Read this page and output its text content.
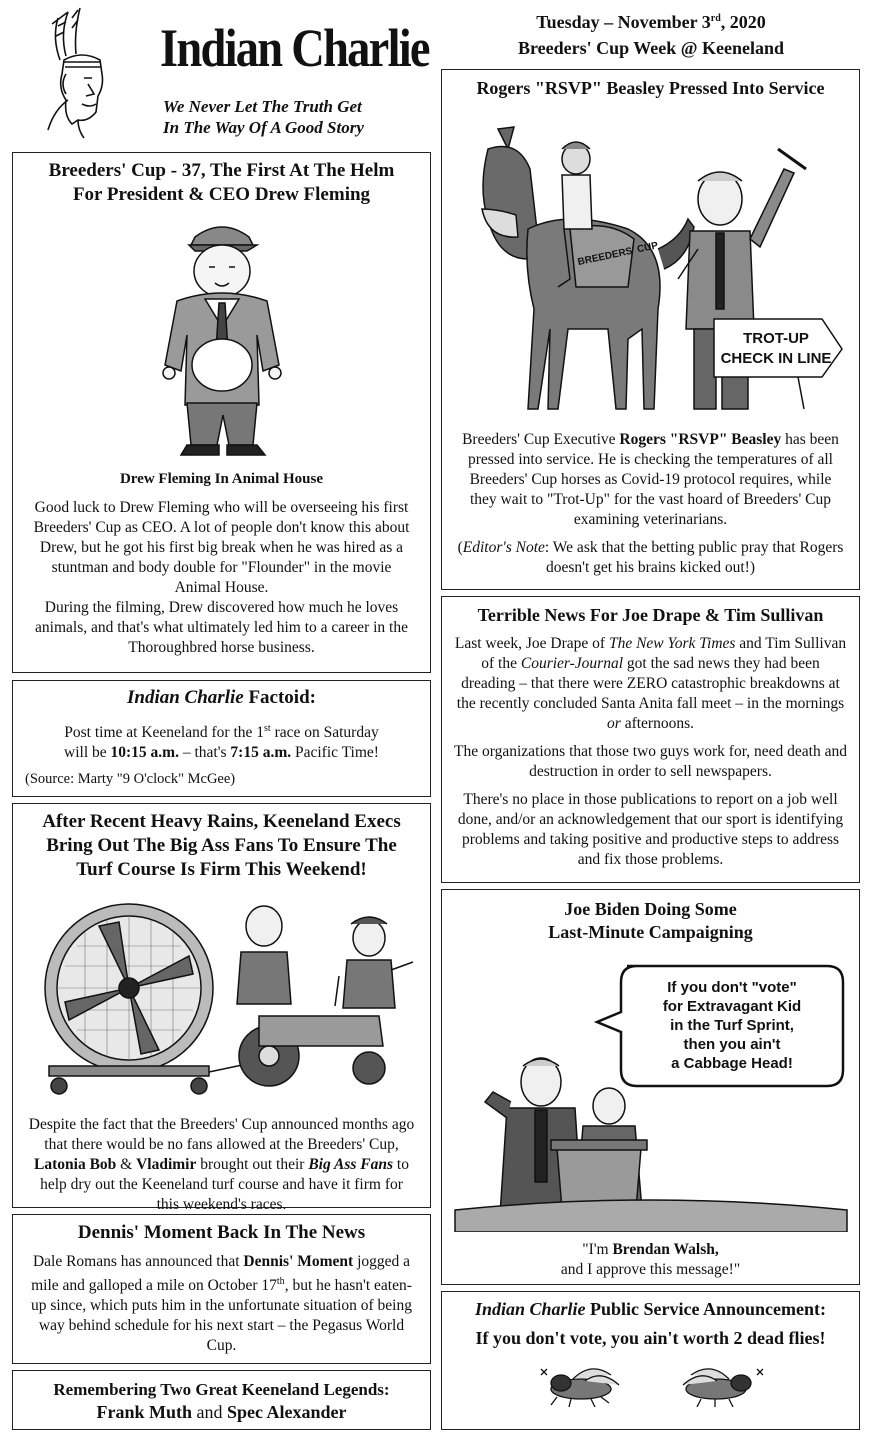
Indian Charlie
We Never Let The Truth Get
In The Way Of A Good Story
Tuesday – November 3rd, 2020
Breeders' Cup Week @ Keeneland
Breeders' Cup - 37, The First At The Helm
For President & CEO Drew Fleming
Drew Fleming In Animal House

Good luck to Drew Fleming who will be overseeing his first Breeders' Cup as CEO. A lot of people don't know this about Drew, but he got his first big break when he was hired as a stuntman and body double for "Flounder" in the movie Animal House.

During the filming, Drew discovered how much he loves animals, and that's what ultimately led him to a career in the Thoroughbred horse business.

Indian Charlie Factoid:

Post time at Keeneland for the 1st race on Saturday
will be 10:15 a.m. – that's 7:15 a.m. Pacific Time!

(Source: Marty "9 O'clock" McGee)
After Recent Heavy Rains, Keeneland Execs
Bring Out The Big Ass Fans To Ensure The
Turf Course Is Firm This Weekend!

Despite the fact that the Breeders' Cup announced months ago that there would be no fans allowed at the Breeders' Cup, Latonia Bob & Vladimir brought out their Big Ass Fans to help dry out the Keeneland turf course and have it firm for this weekend's races.

Dennis' Moment Back In The News

Dale Romans has announced that Dennis' Moment jogged a mile and galloped a mile on October 17th, but he hasn't eaten-up since, which puts him in the unfortunate situation of being way behind schedule for his next start – the Pegasus World Cup.

Remembering Two Great Keeneland Legends:
Frank Muth and Spec Alexander
Rogers "RSVP" Beasley Pressed Into Service
BREEDERS' CUP
TROT-UP
CHECK IN LINE

Breeders' Cup Executive Rogers "RSVP" Beasley has been pressed into service. He is checking the temperatures of all Breeders' Cup horses as Covid-19 protocol requires, while they wait to "Trot-Up" for the vast hoard of Breeders' Cup examining veterinarians.

(Editor's Note: We ask that the betting public pray that Rogers doesn't get his brains kicked out!)

Terrible News For Joe Drape & Tim Sullivan

Last week, Joe Drape of The New York Times and Tim Sullivan of the Courier-Journal got the sad news they had been dreading – that there were ZERO catastrophic breakdowns at the recently concluded Santa Anita fall meet – in the mornings or afternoons.

The organizations that those two guys work for, need death and destruction in order to sell newspapers.

There's no place in those publications to report on a job well done, and/or an acknowledgement that our sport is identifying problems and taking positive and productive steps to address and fix those problems.

Joe Biden Doing Some
Last-Minute Campaigning
If you don't "vote"
for Extravagant Kid
in the Turf Sprint,
then you ain't
a Cabbage Head!

"I'm Brendan Walsh,
and I approve this message!"

Indian Charlie Public Service Announcement:
If you don't vote, you ain't worth 2 dead flies!
